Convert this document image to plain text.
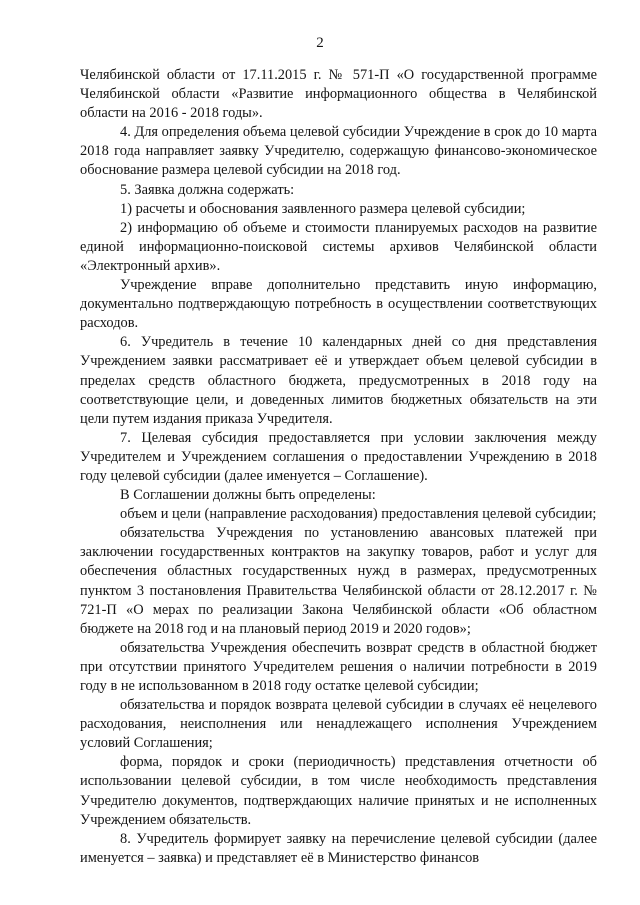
2

Челябинской области от 17.11.2015 г. № 571-П «О государственной программе Челябинской области «Развитие информационного общества в Челябинской области на 2016 - 2018 годы».

4. Для определения объема целевой субсидии Учреждение в срок до 10 марта 2018 года направляет заявку Учредителю, содержащую финансово-экономическое обоснование размера целевой субсидии на 2018 год.

5. Заявка должна содержать:

1) расчеты и обоснования заявленного размера целевой субсидии;

2) информацию об объеме и стоимости планируемых расходов на развитие единой информационно-поисковой системы архивов Челябинской области «Электронный архив».

Учреждение вправе дополнительно представить иную информацию, документально подтверждающую потребность в осуществлении соответствующих расходов.

6. Учредитель в течение 10 календарных дней со дня представления Учреждением заявки рассматривает её и утверждает объем целевой субсидии в пределах средств областного бюджета, предусмотренных в 2018 году на соответствующие цели, и доведенных лимитов бюджетных обязательств на эти цели путем издания приказа Учредителя.

7. Целевая субсидия предоставляется при условии заключения между Учредителем и Учреждением соглашения о предоставлении Учреждению в 2018 году целевой субсидии (далее именуется – Соглашение).

В Соглашении должны быть определены:

объем и цели (направление расходования) предоставления целевой субсидии;

обязательства Учреждения по установлению авансовых платежей при заключении государственных контрактов на закупку товаров, работ и услуг для обеспечения областных государственных нужд в размерах, предусмотренных пунктом 3 постановления Правительства Челябинской области от 28.12.2017 г. № 721-П «О мерах по реализации Закона Челябинской области «Об областном бюджете на 2018 год и на плановый период 2019 и 2020 годов»;

обязательства Учреждения обеспечить возврат средств в областной бюджет при отсутствии принятого Учредителем решения о наличии потребности в 2019 году в не использованном в 2018 году остатке целевой субсидии;

обязательства и порядок возврата целевой субсидии в случаях её нецелевого расходования, неисполнения или ненадлежащего исполнения Учреждением условий Соглашения;

форма, порядок и сроки (периодичность) представления отчетности об использовании целевой субсидии, в том числе необходимость представления Учредителю документов, подтверждающих наличие принятых и не исполненных Учреждением обязательств.

8. Учредитель формирует заявку на перечисление целевой субсидии (далее именуется – заявка) и представляет её в Министерство финансов
